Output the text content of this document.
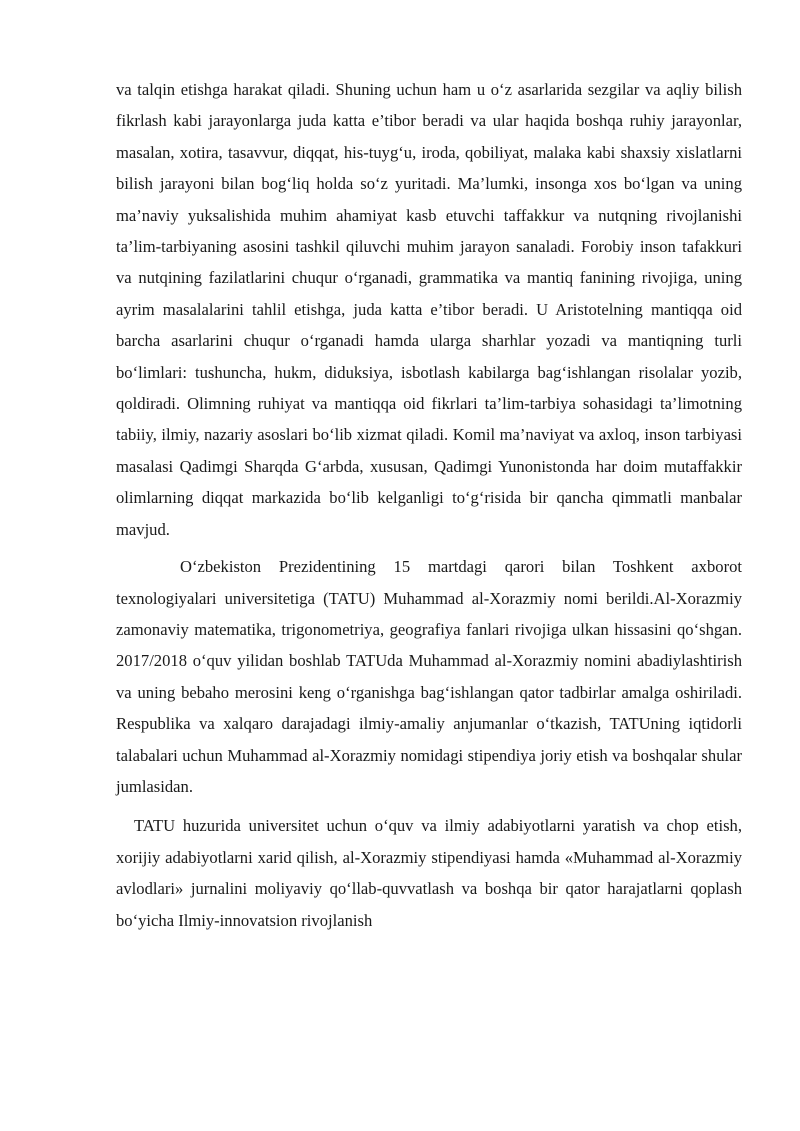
va talqin etishga harakat qiladi. Shuning uchun ham u o‘z asarlarida sezgilar va aqliy bilish fikrlash kabi jarayonlarga juda katta e’tibor beradi va ular haqida boshqa ruhiy jarayonlar, masalan, xotira, tasavvur, diqqat, his-tuyg‘u, iroda, qobiliyat, malaka kabi shaxsiy xislatlarni bilish jarayoni bilan bog‘liq holda so‘z yuritadi. Ma’lumki, insonga xos bo‘lgan va uning ma’naviy yuksalishida muhim ahamiyat kasb etuvchi taffakkur va nutqning rivojlanishi ta’lim-tarbiyaning asosini tashkil qiluvchi muhim jarayon sanaladi. Forobiy inson tafakkuri va nutqining fazilatlarini chuqur o‘rganadi, grammatika va mantiq fanining rivojiga, uning ayrim masalalarini tahlil etishga, juda katta e’tibor beradi. U Aristotelning mantiqqa oid barcha asarlarini chuqur o‘rganadi hamda ularga sharhlar yozadi va mantiqning turli bo‘limlari: tushuncha, hukm, diduksiya, isbotlash kabilarga bag‘ishlangan risolalar yozib, qoldiradi. Olimning ruhiyat va mantiqqa oid fikrlari ta’lim-tarbiya sohasidagi ta’limotning tabiiy, ilmiy, nazariy asoslari bo‘lib xizmat qiladi. Komil ma’naviyat va axloq, inson tarbiyasi masalasi Qadimgi Sharqda G‘arbda, xususan, Qadimgi Yunonistonda har doim mutaffakkir olimlarning diqqat markazida bo‘lib kelganligi to‘g‘risida bir qancha qimmatli manbalar mavjud.

O‘zbekiston Prezidentining 15 martdagi qarori bilan Toshkent axborot texnologiyalari universitetiga (TATU) Muhammad al-Xorazmiy nomi berildi.Al-Xorazmiy zamonaviy matematika, trigonometriya, geografiya fanlari rivojiga ulkan hissasini qo‘shgan. 2017/2018 o‘quv yilidan boshlab TATUda Muhammad al-Xorazmiy nomini abadiylashtirish va uning bebaho merosini keng o‘rganishga bag‘ishlangan qator tadbirlar amalga oshiriladi. Respublika va xalqaro darajadagi ilmiy-amaliy anjumanlar o‘tkazish, TATUning iqtidorli talabalari uchun Muhammad al-Xorazmiy nomidagi stipendiya joriy etish va boshqalar shular jumlasidan.

TATU huzurida universitet uchun o‘quv va ilmiy adabiyotlarni yaratish va chop etish, xorijiy adabiyotlarni xarid qilish, al-Xorazmiy stipendiyasi hamda «Muhammad al-Xorazmiy avlodlari» jurnalini moliyaviy qo‘llab-quvvatlash va boshqa bir qator harajatlarni qoplash bo‘yicha Ilmiy-innovatsion rivojlanish
